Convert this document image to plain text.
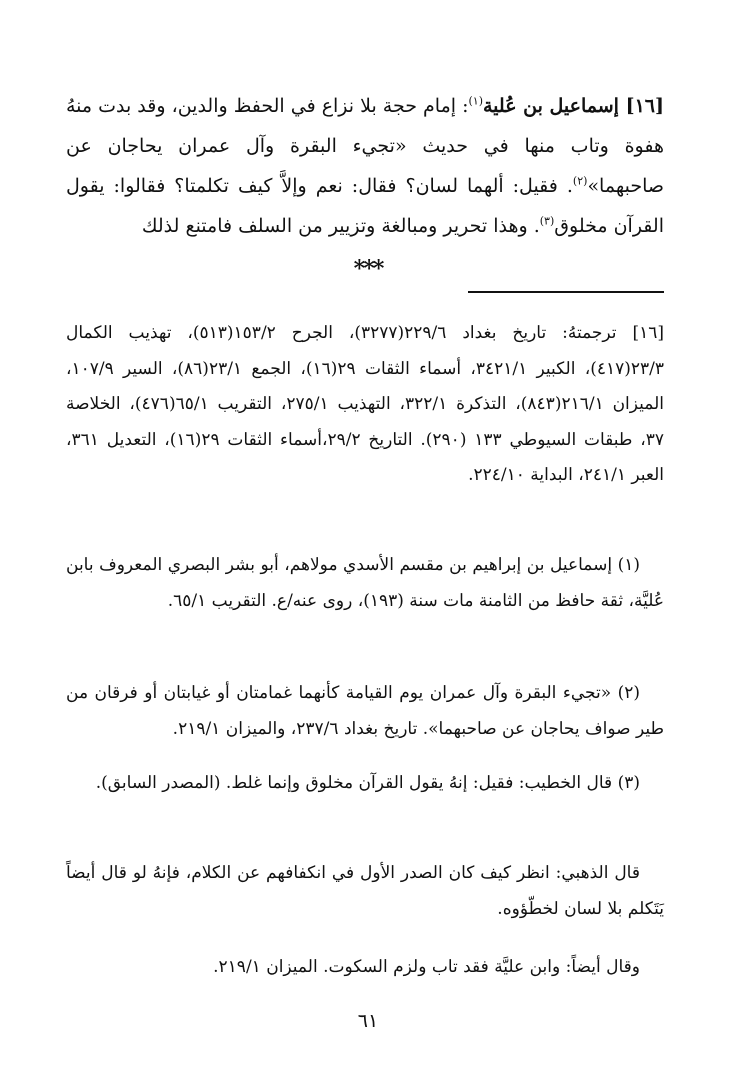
[١٦] إسماعيل بن عُلية$^{(١)}$: إمام حجة بلا نزاع في الحفظ والدين، وقد بدت منهُ هفوة وتاب منها في حديث «تجيء البقرة وآل عمران يحاجان عن صاحبهما»$^{(٢)}$. فقيل: ألهما لسان؟ فقال: نعم وإلاَّ كيف تكلمتا؟ فقالوا: يقول القرآن مخلوق$^{(٣)}$. وهذا تحرير ومبالغة وتزيير من السلف فامتنع لذلك

* **

[١٦] ترجمتهُ: تاريخ بغداد ٢٢٩/٦(٣٢٧٧)، الجرح ١٥٣/٢(٥١٣)، تهذيب الكمال ٢٣/٣(٤١٧)، الكبير ٣٤٢١/١، أسماء الثقات ٢٩(١٦)، الجمع ٢٣/١(٨٦)، السير ١٠٧/٩، الميزان ٢١٦/١(٨٤٣)، التذكرة ٣٢٢/١، التهذيب ٢٧٥/١، التقريب ٦٥/١(٤٧٦)، الخلاصة ٣٧، طبقات السيوطي ١٣٣ (٢٩٠). التاريخ ٢٩/٢،أسماء الثقات ٢٩(١٦)، التعديل ٣٦١، العبر ٢٤١/١، البداية ٢٢٤/١٠.

(١) إسماعيل بن إبراهيم بن مقسم الأسدي مولاهم، أبو بشر البصري المعروف بابن عُليَّة، ثقة حافظ من الثامنة مات سنة (١٩٣)، روى عنه/ع. التقريب ٦٥/١.

(٢) «تجيء البقرة وآل عمران يوم القيامة كأنهما غمامتان أو غيابتان أو فرقان من طير صواف يحاجان عن صاحبهما». تاريخ بغداد ٢٣٧/٦، والميزان ٢١٩/١.

(٣) قال الخطيب: فقيل: إنهُ يقول القرآن مخلوق وإنما غلط. (المصدر السابق).

قال الذهبي: انظر كيف كان الصدر الأول في انكفافهم عن الكلام، فإنهُ لو قال أيضاً يَتَكلم بلا لسان لخطّؤوه.

وقال أيضاً: وابن عليَّة فقد تاب ولزم السكوت. الميزان ٢١٩/١.

٦١
